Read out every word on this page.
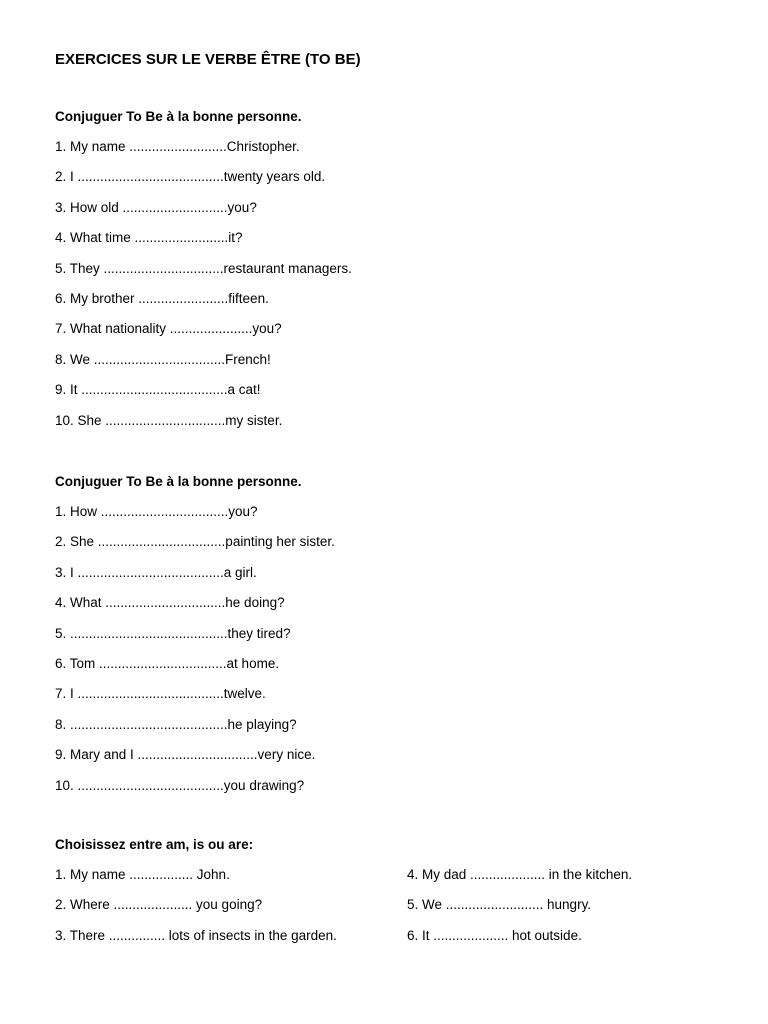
EXERCICES SUR LE VERBE ÊTRE (TO BE)
Conjuguer To Be à la bonne personne.
1. My name ..........................Christopher.
2. I .......................................twenty years old.
3. How old ............................you?
4. What time .........................it?
5. They ................................restaurant managers.
6. My brother ........................fifteen.
7. What nationality ......................you?
8. We ...................................French!
9. It .......................................a cat!
10. She ................................my sister.
Conjuguer To Be à la bonne personne.
1. How ..................................you?
2. She ..................................painting her sister.
3. I .......................................a girl.
4. What ................................he doing?
5. ..........................................they tired?
6. Tom ..................................at home.
7. I .......................................twelve.
8. ..........................................he playing?
9. Mary and I ................................very nice.
10. .......................................you drawing?
Choisissez entre am, is ou are:
1. My name ................. John.
2. Where ..................... you going?
3. There ............... lots of insects in the garden.
4. My dad .................... in the kitchen.
5. We .......................... hungry.
6. It .................... hot outside.
